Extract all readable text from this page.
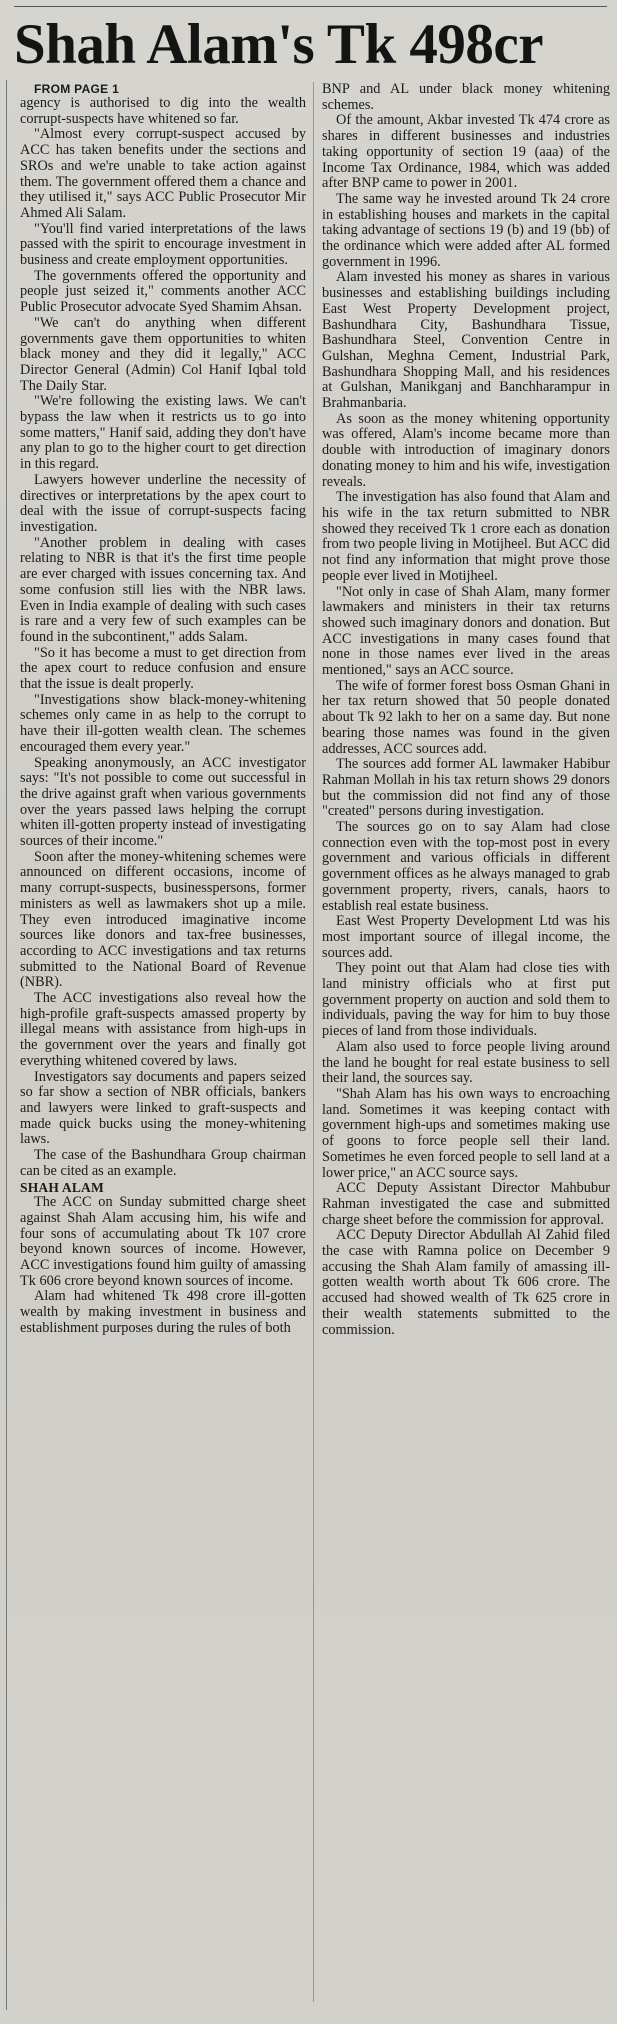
Shah Alam's Tk 498cr

FROM PAGE 1

agency is authorised to dig into the wealth corrupt-suspects have whitened so far.

"Almost every corrupt-suspect accused by ACC has taken benefits under the sections and SROs and we're unable to take action against them. The government offered them a chance and they utilised it," says ACC Public Prosecutor Mir Ahmed Ali Salam.

"You'll find varied interpretations of the laws passed with the spirit to encourage investment in business and create employment opportunities.

The governments offered the opportunity and people just seized it," comments another ACC Public Prosecutor advocate Syed Shamim Ahsan.

"We can't do anything when different governments gave them opportunities to whiten black money and they did it legally," ACC Director General (Admin) Col Hanif Iqbal told The Daily Star.

"We're following the existing laws. We can't bypass the law when it restricts us to go into some matters," Hanif said, adding they don't have any plan to go to the higher court to get direction in this regard.

Lawyers however underline the necessity of directives or interpretations by the apex court to deal with the issue of corrupt-suspects facing investigation.

"Another problem in dealing with cases relating to NBR is that it's the first time people are ever charged with issues concerning tax. And some confusion still lies with the NBR laws. Even in India example of dealing with such cases is rare and a very few of such examples can be found in the subcontinent," adds Salam.

"So it has become a must to get direction from the apex court to reduce confusion and ensure that the issue is dealt properly.

"Investigations show black-money-whitening schemes only came in as help to the corrupt to have their ill-gotten wealth clean. The schemes encouraged them every year."

Speaking anonymously, an ACC investigator says: "It's not possible to come out successful in the drive against graft when various governments over the years passed laws helping the corrupt whiten ill-gotten property instead of investigating sources of their income."

Soon after the money-whitening schemes were announced on different occasions, income of many corrupt-suspects, businesspersons, former ministers as well as lawmakers shot up a mile. They even introduced imaginative income sources like donors and tax-free businesses, according to ACC investigations and tax returns submitted to the National Board of Revenue (NBR).

The ACC investigations also reveal how the high-profile graft-suspects amassed property by illegal means with assistance from high-ups in the government over the years and finally got everything whitened covered by laws.

Investigators say documents and papers seized so far show a section of NBR officials, bankers and lawyers were linked to graft-suspects and made quick bucks using the money-whitening laws.

The case of the Bashundhara Group chairman can be cited as an example.

SHAH ALAM

The ACC on Sunday submitted charge sheet against Shah Alam accusing him, his wife and four sons of accumulating about Tk 107 crore beyond known sources of income. However, ACC investigations found him guilty of amassing Tk 606 crore beyond known sources of income.

Alam had whitened Tk 498 crore ill-gotten wealth by making investment in business and establishment purposes during the rules of both

BNP and AL under black money whitening schemes.

Of the amount, Akbar invested Tk 474 crore as shares in different businesses and industries taking opportunity of section 19 (aaa) of the Income Tax Ordinance, 1984, which was added after BNP came to power in 2001.

The same way he invested around Tk 24 crore in establishing houses and markets in the capital taking advantage of sections 19 (b) and 19 (bb) of the ordinance which were added after AL formed government in 1996.

Alam invested his money as shares in various businesses and establishing buildings including East West Property Development project, Bashundhara City, Bashundhara Tissue, Bashundhara Steel, Convention Centre in Gulshan, Meghna Cement, Industrial Park, Bashundhara Shopping Mall, and his residences at Gulshan, Manikganj and Banchharampur in Brahmanbaria.

As soon as the money whitening opportunity was offered, Alam's income became more than double with introduction of imaginary donors donating money to him and his wife, investigation reveals.

The investigation has also found that Alam and his wife in the tax return submitted to NBR showed they received Tk 1 crore each as donation from two people living in Motijheel. But ACC did not find any information that might prove those people ever lived in Motijheel.

"Not only in case of Shah Alam, many former lawmakers and ministers in their tax returns showed such imaginary donors and donation. But ACC investigations in many cases found that none in those names ever lived in the areas mentioned," says an ACC source.

The wife of former forest boss Osman Ghani in her tax return showed that 50 people donated about Tk 92 lakh to her on a same day. But none bearing those names was found in the given addresses, ACC sources add.

The sources add former AL lawmaker Habibur Rahman Mollah in his tax return shows 29 donors but the commission did not find any of those "created" persons during investigation.

The sources go on to say Alam had close connection even with the top-most post in every government and various officials in different government offices as he always managed to grab government property, rivers, canals, haors to establish real estate business.

East West Property Development Ltd was his most important source of illegal income, the sources add.

They point out that Alam had close ties with land ministry officials who at first put government property on auction and sold them to individuals, paving the way for him to buy those pieces of land from those individuals.

Alam also used to force people living around the land he bought for real estate business to sell their land, the sources say.

"Shah Alam has his own ways to encroaching land. Sometimes it was keeping contact with government high-ups and sometimes making use of goons to force people sell their land. Sometimes he even forced people to sell land at a lower price," an ACC source says.

ACC Deputy Assistant Director Mahbubur Rahman investigated the case and submitted charge sheet before the commission for approval.

ACC Deputy Director Abdullah Al Zahid filed the case with Ramna police on December 9 accusing the Shah Alam family of amassing ill-gotten wealth worth about Tk 606 crore. The accused had showed wealth of Tk 625 crore in their wealth statements submitted to the commission.
